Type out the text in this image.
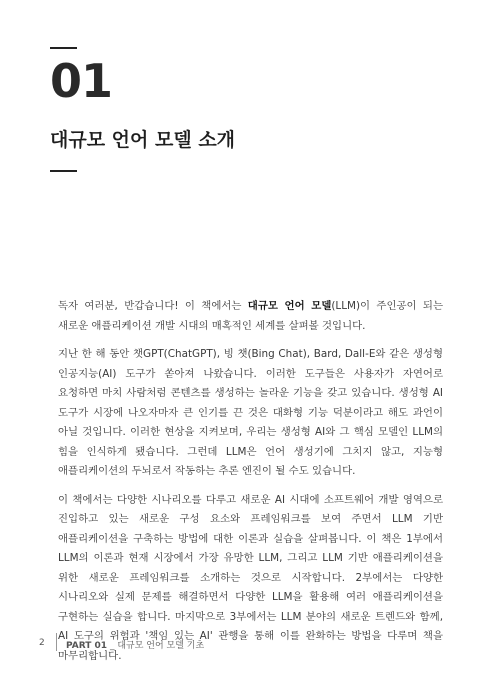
01
대규모 언어 모델 소개

독자 여러분, 반갑습니다! 이 책에서는 대규모 언어 모델(LLM)이 주인공이 되는 새로운 애플리케이션 개발 시대의 매혹적인 세계를 살펴볼 것입니다.

지난 한 해 동안 챗GPT(ChatGPT), 빙 챗(Bing Chat), Bard, Dall-E와 같은 생성형 인공지능(AI) 도구가 쏟아져 나왔습니다. 이러한 도구들은 사용자가 자연어로 요청하면 마치 사람처럼 콘텐츠를 생성하는 놀라운 기능을 갖고 있습니다. 생성형 AI 도구가 시장에 나오자마자 큰 인기를 끈 것은 대화형 기능 덕분이라고 해도 과언이 아닐 것입니다. 이러한 현상을 지켜보며, 우리는 생성형 AI와 그 핵심 모델인 LLM의 힘을 인식하게 됐습니다. 그런데 LLM은 언어 생성기에 그치지 않고, 지능형 애플리케이션의 두뇌로서 작동하는 추론 엔진이 될 수도 있습니다.

이 책에서는 다양한 시나리오를 다루고 새로운 AI 시대에 소프트웨어 개발 영역으로 진입하고 있는 새로운 구성 요소와 프레임워크를 보여 주면서 LLM 기반 애플리케이션을 구축하는 방법에 대한 이론과 실습을 살펴봅니다. 이 책은 1부에서 LLM의 이론과 현재 시장에서 가장 유망한 LLM, 그리고 LLM 기반 애플리케이션을 위한 새로운 프레임워크를 소개하는 것으로 시작합니다. 2부에서는 다양한 시나리오와 실제 문제를 해결하면서 다양한 LLM을 활용해 여러 애플리케이션을 구현하는 실습을 합니다. 마지막으로 3부에서는 LLM 분야의 새로운 트렌드와 함께, AI 도구의 위험과 '책임 있는 AI' 관행을 통해 이를 완화하는 방법을 다루며 책을 마무리합니다.

2 PART 01 _ 대규모 언어 모델 기초
